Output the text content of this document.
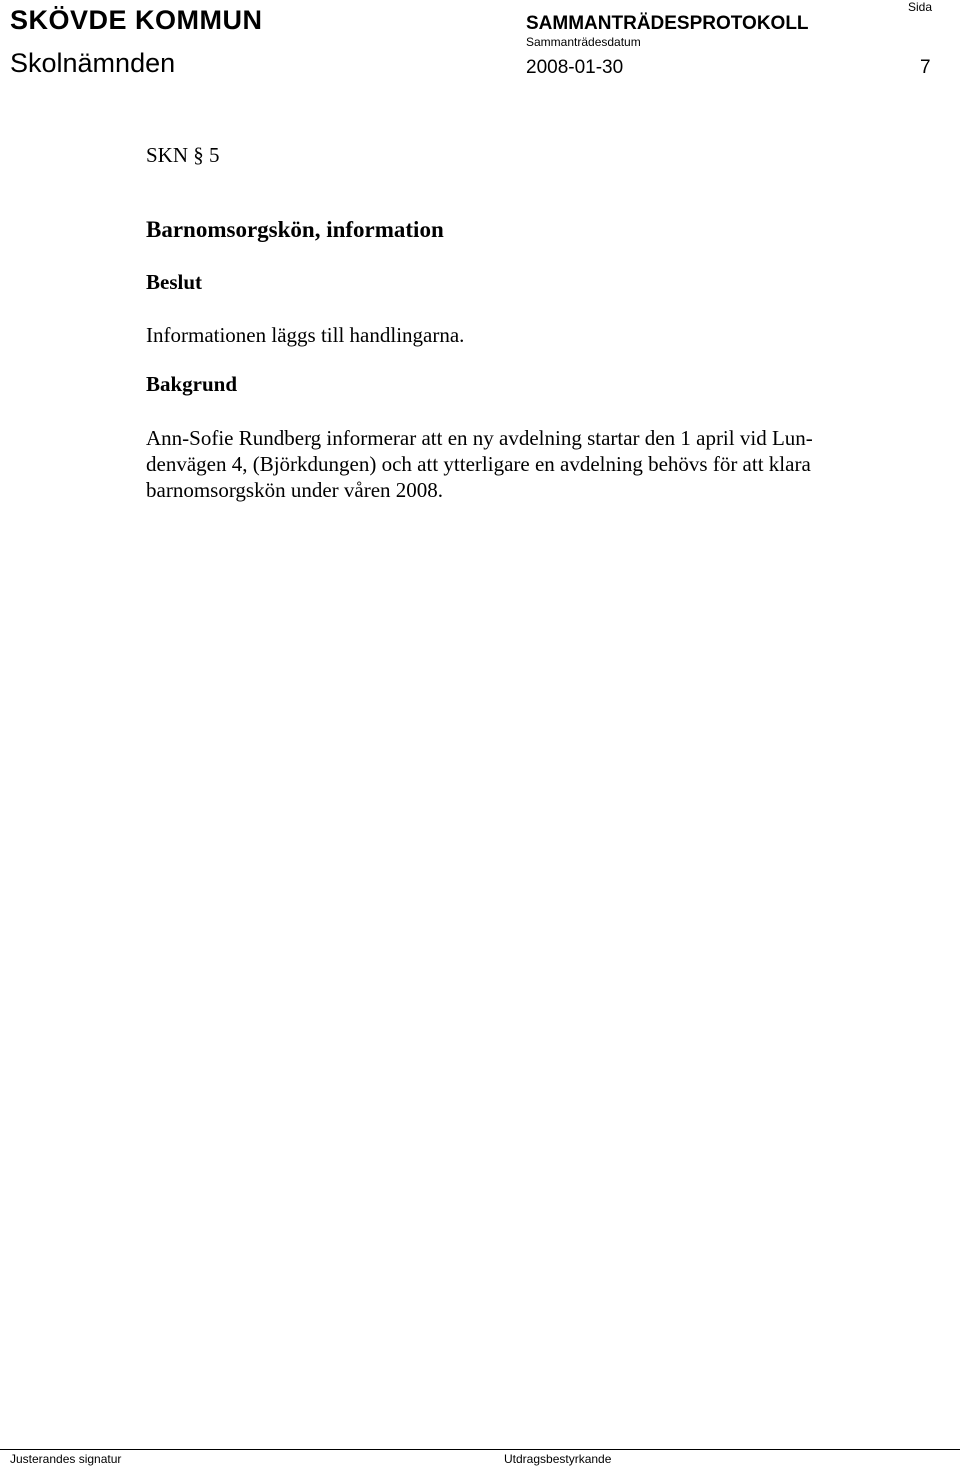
SKÖVDE KOMMUN
Skolnämnden
SAMMANTRÄDESPROTOKOLL
Sammanträdesdatum
2008-01-30
Sida
7
SKN § 5
Barnomsorgskön, information
Beslut
Informationen läggs till handlingarna.
Bakgrund
Ann-Sofie Rundberg informerar att en ny avdelning startar den 1 april vid Lun-
denvägen 4, (Björkdungen) och att ytterligare en avdelning behövs för att klara
barnomsorgskön under våren 2008.
Justerandes signatur	Utdragsbestyrkande
